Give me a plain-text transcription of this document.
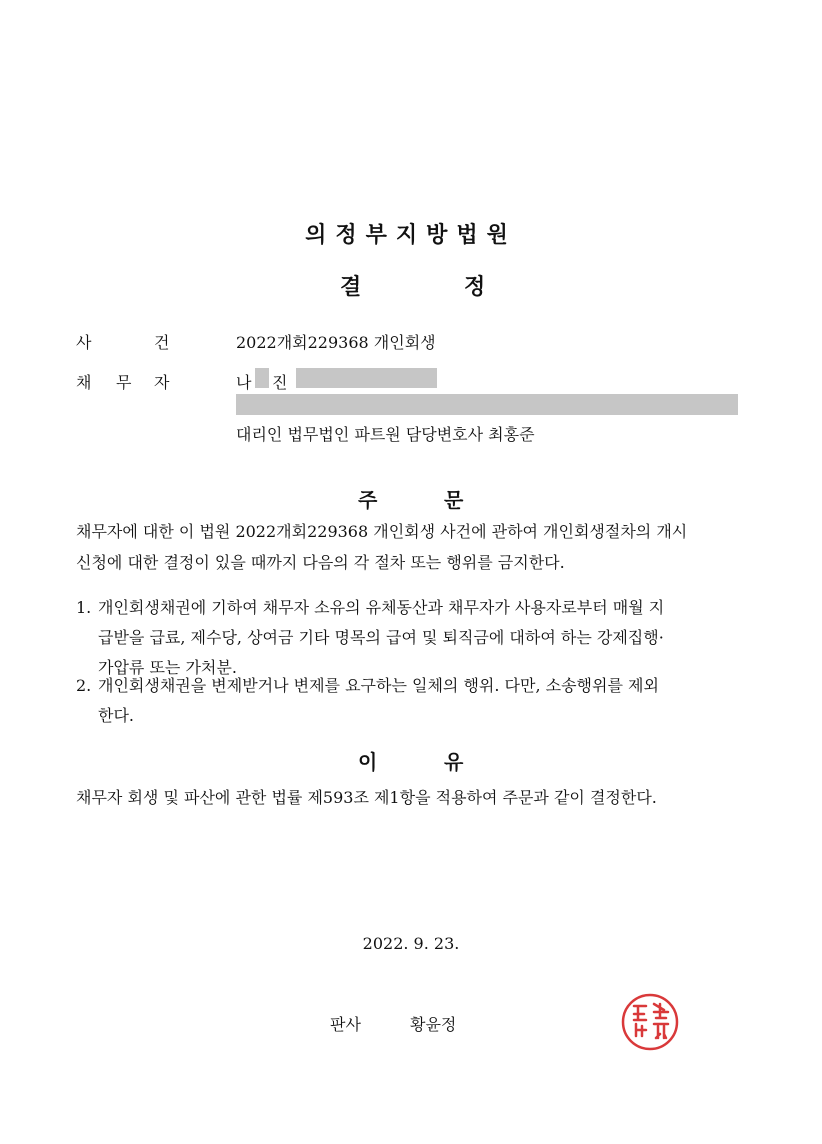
의정부지방법원
결	정
사	건	2022개회229368 개인회생
채 무 자	나 진
대리인 법무법인 파트원 담당변호사 최홍준
주	문
채무자에 대한 이 법원 2022개회229368 개인회생 사건에 관하여 개인회생절차의 개시
신청에 대한 결정이 있을 때까지 다음의 각 절차 또는 행위를 금지한다.
1. 개인회생채권에 기하여 채무자 소유의 유체동산과 채무자가 사용자로부터 매월 지
급받을 급료, 제수당, 상여금 기타 명목의 급여 및 퇴직금에 대하여 하는 강제집행·
가압류 또는 가처분.
2. 개인회생채권을 변제받거나 변제를 요구하는 일체의 행위. 다만, 소송행위를 제외
한다.
이	유
채무자 회생 및 파산에 관한 법률 제593조 제1항을 적용하여 주문과 같이 결정한다.
2022. 9. 23.
판사	황윤정
